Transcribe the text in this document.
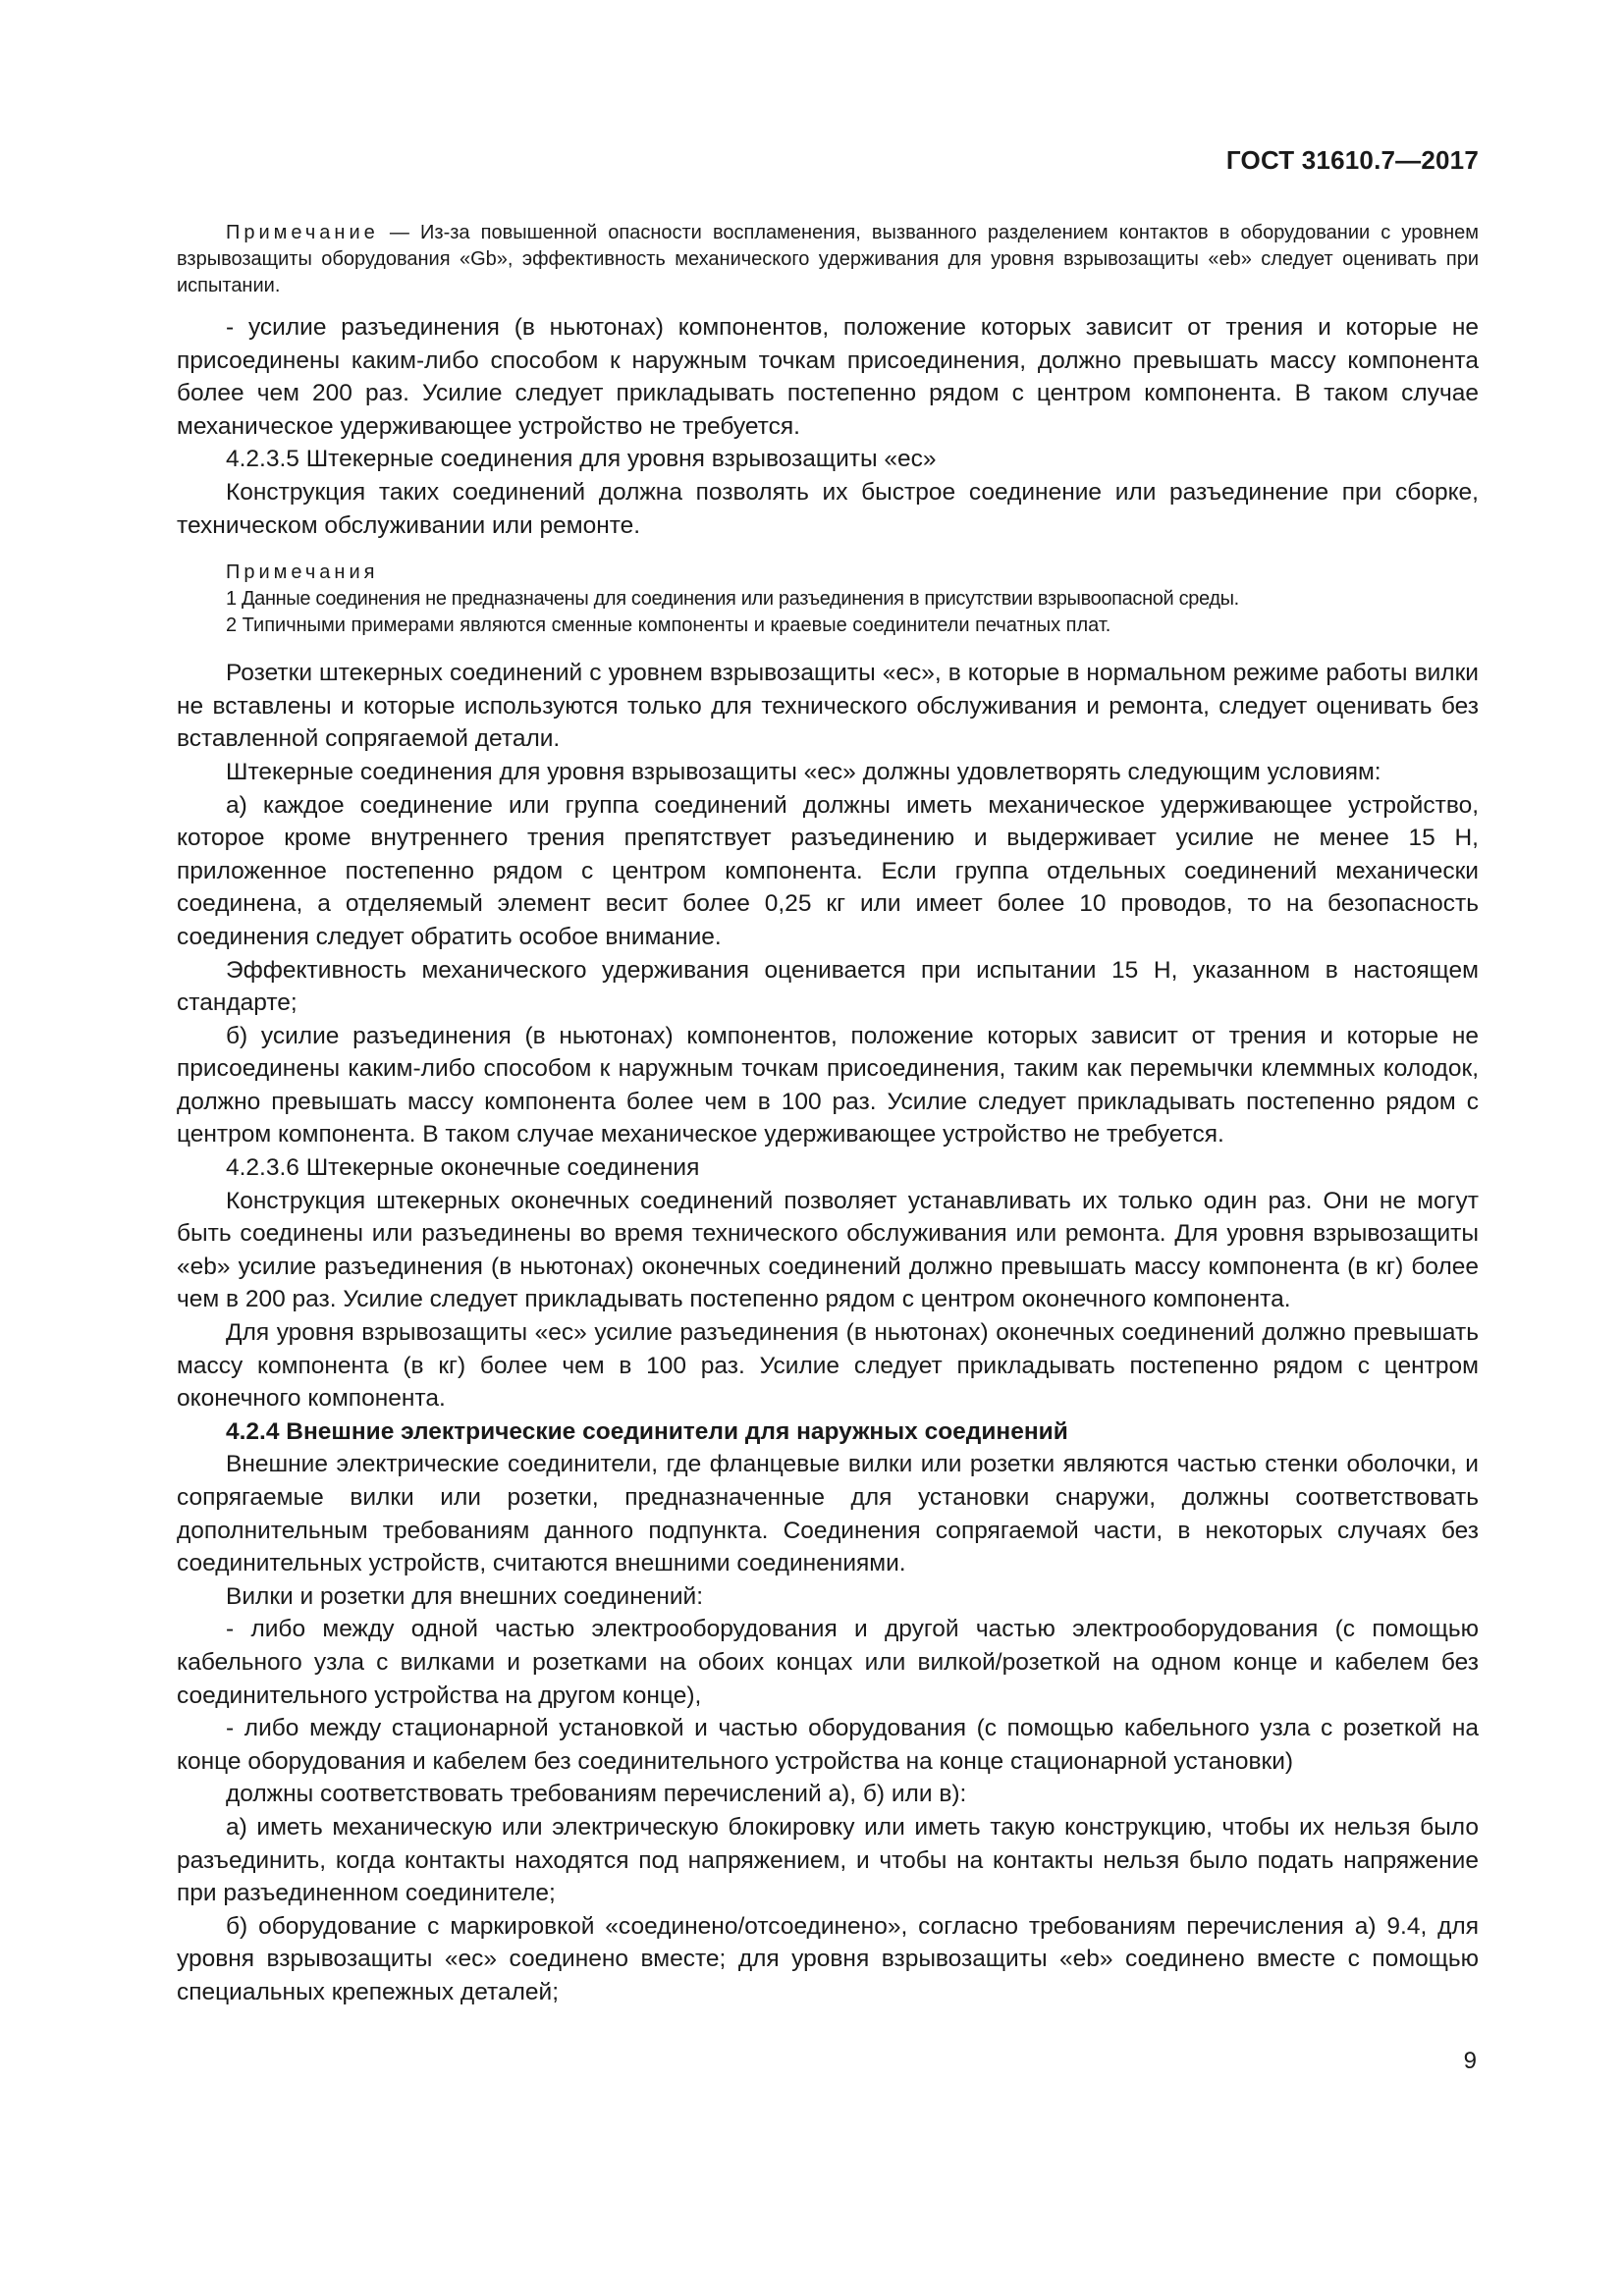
ГОСТ 31610.7—2017

Примечание — Из-за повышенной опасности воспламенения, вызванного разделением контактов в оборудовании с уровнем взрывозащиты оборудования «Gb», эффективность механического удерживания для уровня взрывозащиты «eb» следует оценивать при испытании.

- усилие разъединения (в ньютонах) компонентов, положение которых зависит от трения и которые не присоединены каким-либо способом к наружным точкам присоединения, должно превышать массу компонента более чем 200 раз. Усилие следует прикладывать постепенно рядом с центром компонента. В таком случае механическое удерживающее устройство не требуется.

4.2.3.5 Штекерные соединения для уровня взрывозащиты «ec»

Конструкция таких соединений должна позволять их быстрое соединение или разъединение при сборке, техническом обслуживании или ремонте.

Примечания

1 Данные соединения не предназначены для соединения или разъединения в присутствии взрывоопасной среды.

2 Типичными примерами являются сменные компоненты и краевые соединители печатных плат.

Розетки штекерных соединений с уровнем взрывозащиты «ec», в которые в нормальном режиме работы вилки не вставлены и которые используются только для технического обслуживания и ремонта, следует оценивать без вставленной сопрягаемой детали.

Штекерные соединения для уровня взрывозащиты «ec» должны удовлетворять следующим условиям:

а) каждое соединение или группа соединений должны иметь механическое удерживающее устройство, которое кроме внутреннего трения препятствует разъединению и выдерживает усилие не менее 15 Н, приложенное постепенно рядом с центром компонента. Если группа отдельных соединений механически соединена, а отделяемый элемент весит более 0,25 кг или имеет более 10 проводов, то на безопасность соединения следует обратить особое внимание.

Эффективность механического удерживания оценивается при испытании 15 Н, указанном в настоящем стандарте;

б) усилие разъединения (в ньютонах) компонентов, положение которых зависит от трения и которые не присоединены каким-либо способом к наружным точкам присоединения, таким как перемычки клеммных колодок, должно превышать массу компонента более чем в 100 раз. Усилие следует прикладывать постепенно рядом с центром компонента. В таком случае механическое удерживающее устройство не требуется.

4.2.3.6 Штекерные оконечные соединения

Конструкция штекерных оконечных соединений позволяет устанавливать их только один раз. Они не могут быть соединены или разъединены во время технического обслуживания или ремонта. Для уровня взрывозащиты «eb» усилие разъединения (в ньютонах) оконечных соединений должно превышать массу компонента (в кг) более чем в 200 раз. Усилие следует прикладывать постепенно рядом с центром оконечного компонента.

Для уровня взрывозащиты «ec» усилие разъединения (в ньютонах) оконечных соединений должно превышать массу компонента (в кг) более чем в 100 раз. Усилие следует прикладывать постепенно рядом с центром оконечного компонента.

4.2.4 Внешние электрические соединители для наружных соединений

Внешние электрические соединители, где фланцевые вилки или розетки являются частью стенки оболочки, и сопрягаемые вилки или розетки, предназначенные для установки снаружи, должны соответствовать дополнительным требованиям данного подпункта. Соединения сопрягаемой части, в некоторых случаях без соединительных устройств, считаются внешними соединениями.

Вилки и розетки для внешних соединений:

- либо между одной частью электрооборудования и другой частью электрооборудования (с помощью кабельного узла с вилками и розетками на обоих концах или вилкой/розеткой на одном конце и кабелем без соединительного устройства на другом конце),

- либо между стационарной установкой и частью оборудования (с помощью кабельного узла с розеткой на конце оборудования и кабелем без соединительного устройства на конце стационарной установки)

должны соответствовать требованиям перечислений а), б) или в):

а) иметь механическую или электрическую блокировку или иметь такую конструкцию, чтобы их нельзя было разъединить, когда контакты находятся под напряжением, и чтобы на контакты нельзя было подать напряжение при разъединенном соединителе;

б) оборудование с маркировкой «соединено/отсоединено», согласно требованиям перечисления а) 9.4, для уровня взрывозащиты «ec» соединено вместе; для уровня взрывозащиты «eb» соединено вместе с помощью специальных крепежных деталей;

9
